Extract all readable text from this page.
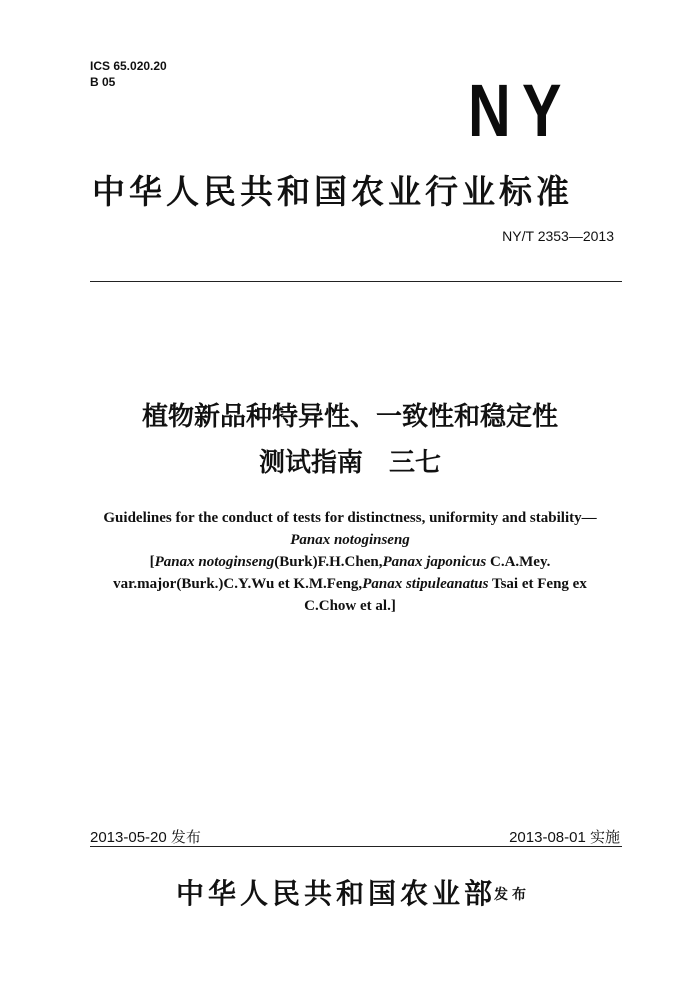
ICS 65.020.20
B 05	NY
中华人民共和国农业行业标准
NY/T 2353—2013
植物新品种特异性、一致性和稳定性
测试指南　三七
Guidelines for the conduct of tests for distinctness, uniformity and stability—
Panax notoginseng
[Panax notoginseng(Burk)F.H.Chen,Panax japonicus C.A.Mey.
var.major(Burk.)C.Y.Wu et K.M.Feng,Panax stipuleanatus Tsai et Feng ex
C.Chow et al.]
2013-05-20 发布	2013-08-01 实施
中华人民共和国农业部
发布
